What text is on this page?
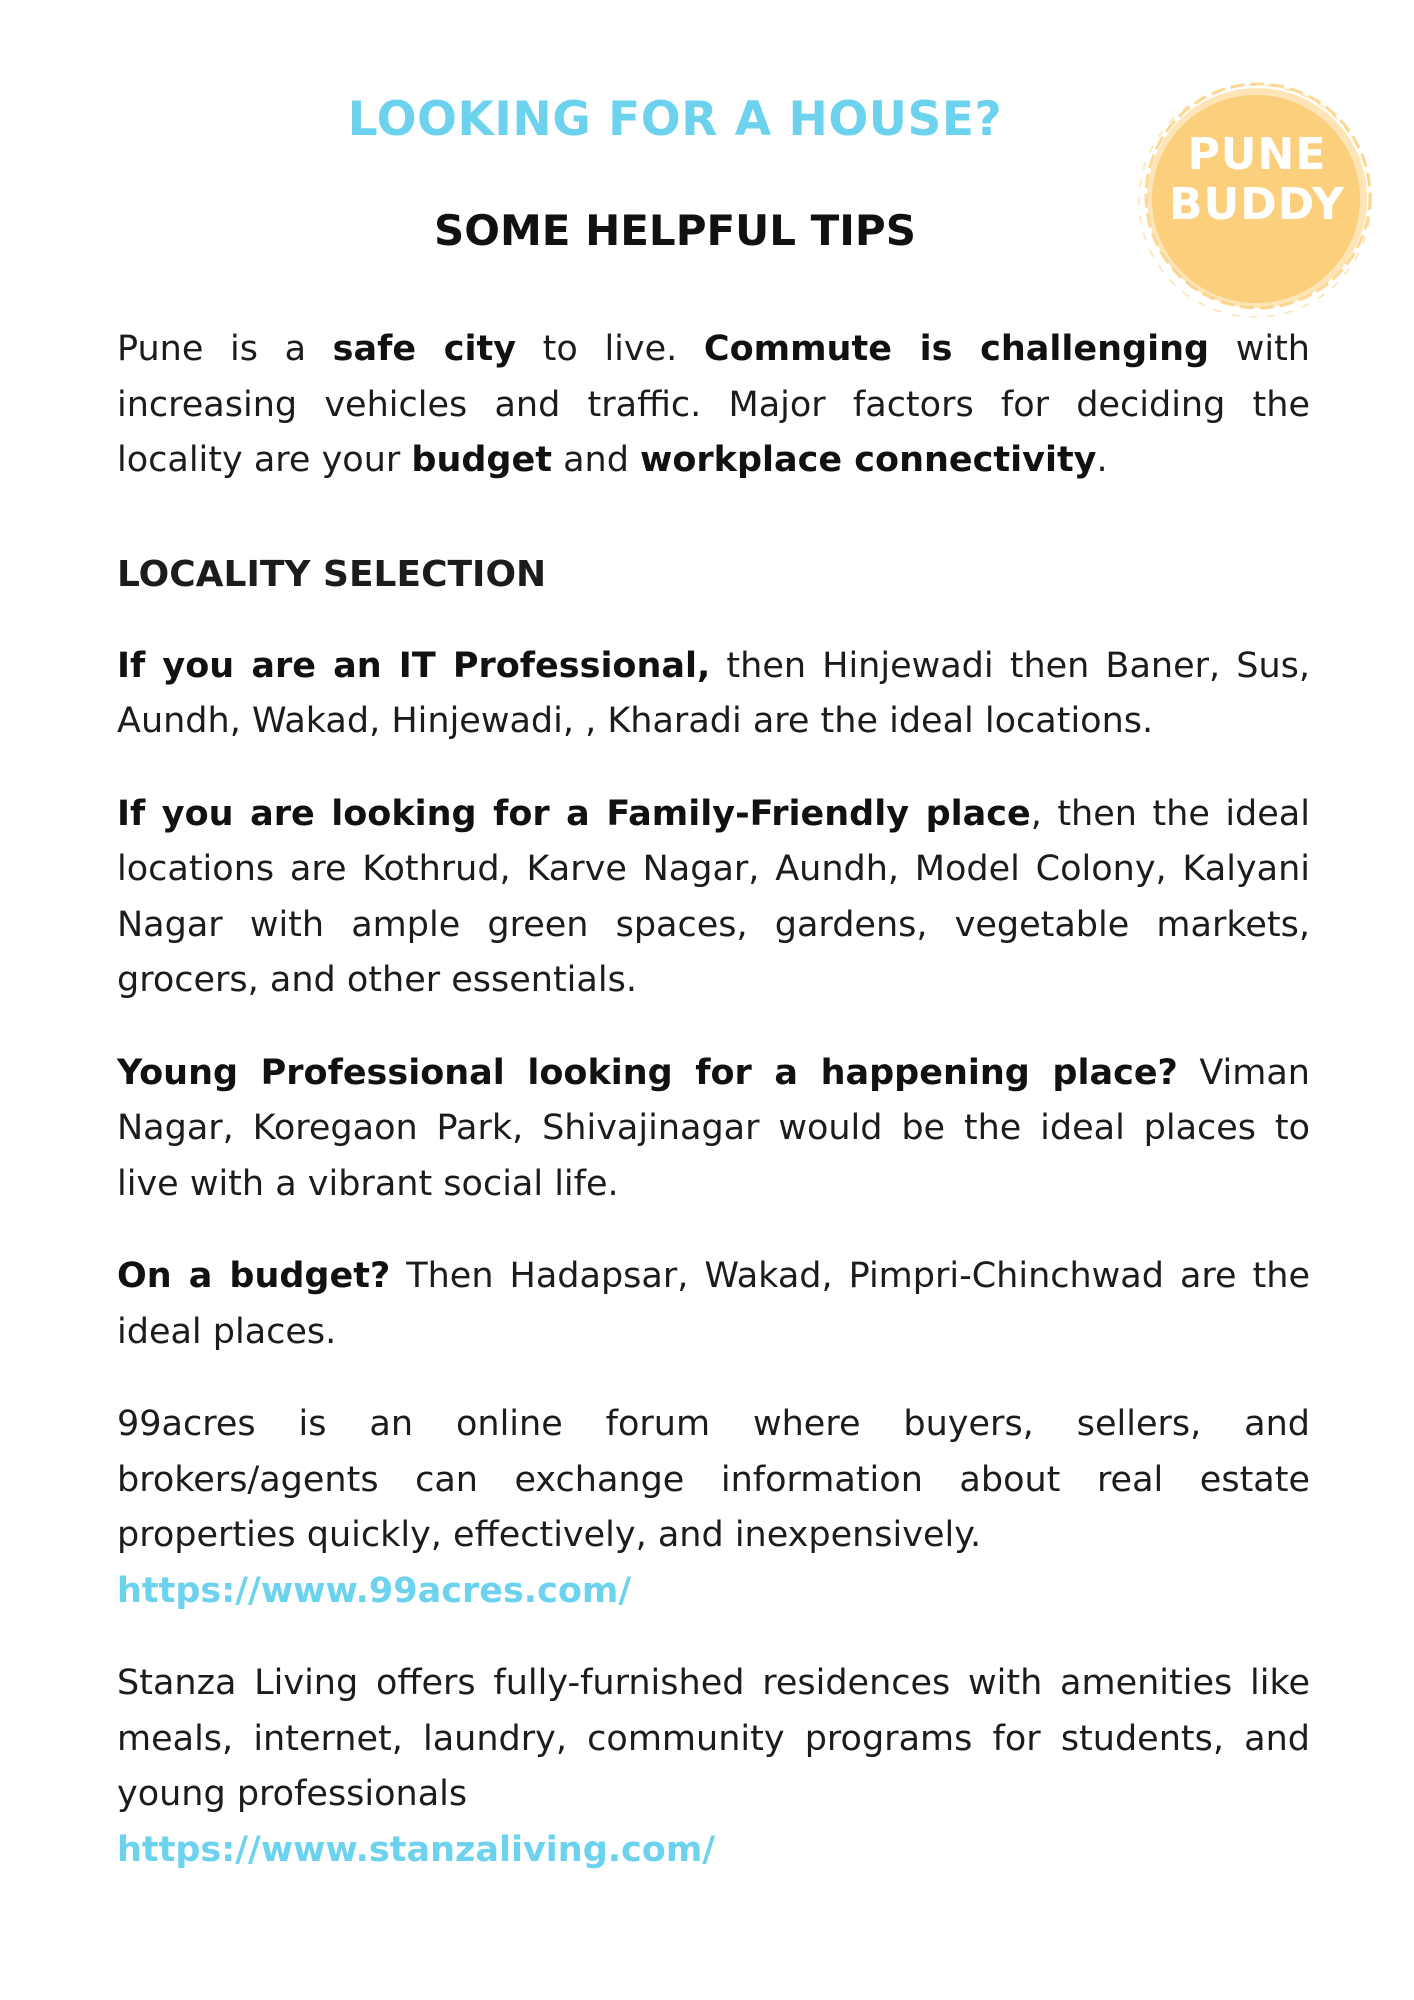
LOOKING FOR A HOUSE?
SOME HELPFUL TIPS
PUNE
BUDDY

Pune is a safe city to live. Commute is challenging with increasing vehicles and traffic. Major factors for deciding the locality are your budget and workplace connectivity.

LOCALITY SELECTION

If you are an IT Professional, then Hinjewadi then Baner, Sus, Aundh, Wakad, Hinjewadi, , Kharadi are the ideal locations.

If you are looking for a Family-Friendly place, then the ideal locations are Kothrud, Karve Nagar, Aundh, Model Colony, Kalyani Nagar with ample green spaces, gardens, vegetable markets, grocers, and other essentials.

Young Professional looking for a happening place? Viman Nagar, Koregaon Park, Shivajinagar would be the ideal places to live with a vibrant social life.

On a budget? Then Hadapsar, Wakad, Pimpri-Chinchwad are the ideal places.

99acres is an online forum where buyers, sellers, and brokers/agents can exchange information about real estate properties quickly, effectively, and inexpensively.
https://www.99acres.com/

Stanza Living offers fully-furnished residences with amenities like meals, internet, laundry, community programs for students, and young professionals
https://www.stanzaliving.com/
